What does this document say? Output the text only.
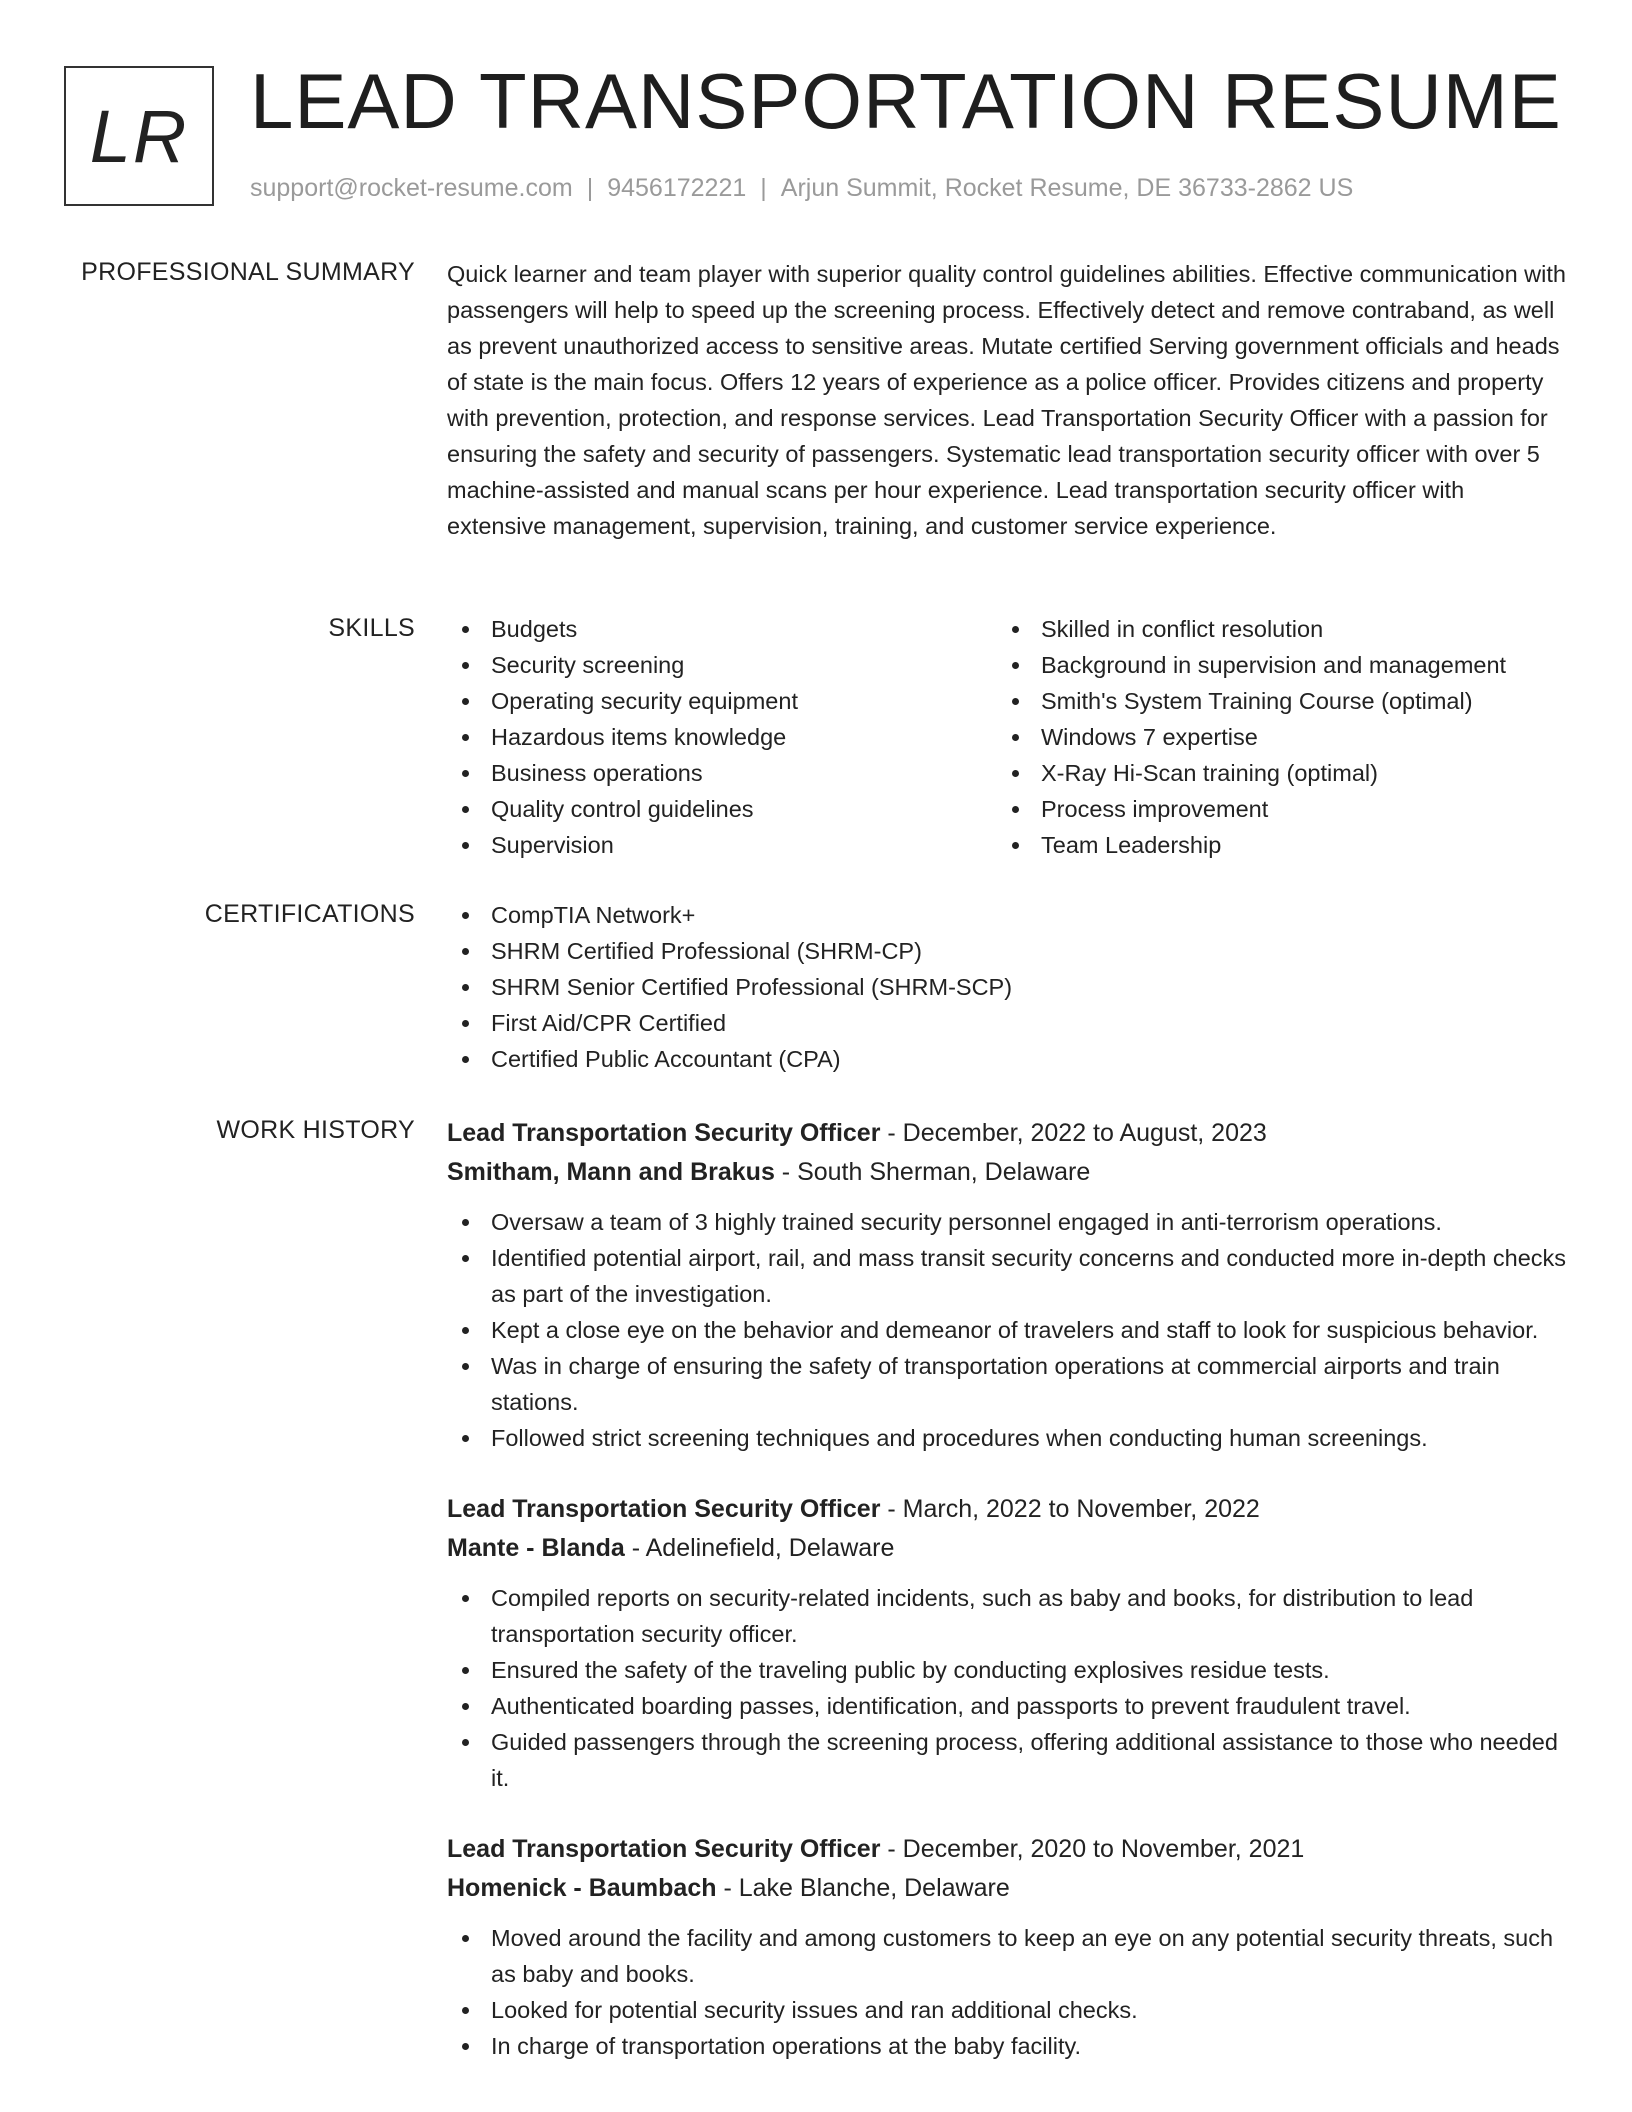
LR LEAD TRANSPORTATION RESUME
support@rocket-resume.com | 9456172221 | Arjun Summit, Rocket Resume, DE 36733-2862 US
PROFESSIONAL SUMMARY Quick learner and team player with superior quality control guidelines abilities. Effective communication with passengers will help to speed up the screening process. Effectively detect and remove contraband, as well as prevent unauthorized access to sensitive areas. Mutate certified Serving government officials and heads of state is the main focus. Offers 12 years of experience as a police officer. Provides citizens and property with prevention, protection, and response services. Lead Transportation Security Officer with a passion for ensuring the safety and security of passengers. Systematic lead transportation security officer with over 5 machine-assisted and manual scans per hour experience. Lead transportation security officer with extensive management, supervision, training, and customer service experience.

SKILLS	Budgets
Security screening
Operating security equipment
Hazardous items knowledge
Business operations
Quality control guidelines
Supervision
Skilled in conflict resolution
Background in supervision and management
Smith's System Training Course (optimal)
Windows 7 expertise
X-Ray Hi-Scan training (optimal)
Process improvement
Team Leadership
CERTIFICATIONS	CompTIA Network+
SHRM Certified Professional (SHRM-CP)
SHRM Senior Certified Professional (SHRM-SCP)
First Aid/CPR Certified
Certified Public Accountant (CPA)
WORK HISTORY Lead Transportation Security Officer - December, 2022 to August, 2023
Smitham, Mann and Brakus - South Sherman, Delaware
Oversaw a team of 3 highly trained security personnel engaged in anti-terrorism operations.
Identified potential airport, rail, and mass transit security concerns and conducted more in-depth checks as part of the investigation.
Kept a close eye on the behavior and demeanor of travelers and staff to look for suspicious behavior.
Was in charge of ensuring the safety of transportation operations at commercial airports and train stations.
Followed strict screening techniques and procedures when conducting human screenings.
Lead Transportation Security Officer - March, 2022 to November, 2022
Mante - Blanda - Adelinefield, Delaware
Compiled reports on security-related incidents, such as baby and books, for distribution to lead transportation security officer.
Ensured the safety of the traveling public by conducting explosives residue tests.
Authenticated boarding passes, identification, and passports to prevent fraudulent travel.
Guided passengers through the screening process, offering additional assistance to those who needed it.
Lead Transportation Security Officer - December, 2020 to November, 2021
Homenick - Baumbach - Lake Blanche, Delaware
Moved around the facility and among customers to keep an eye on any potential security threats, such as baby and books.
Looked for potential security issues and ran additional checks.
In charge of transportation operations at the baby facility.
